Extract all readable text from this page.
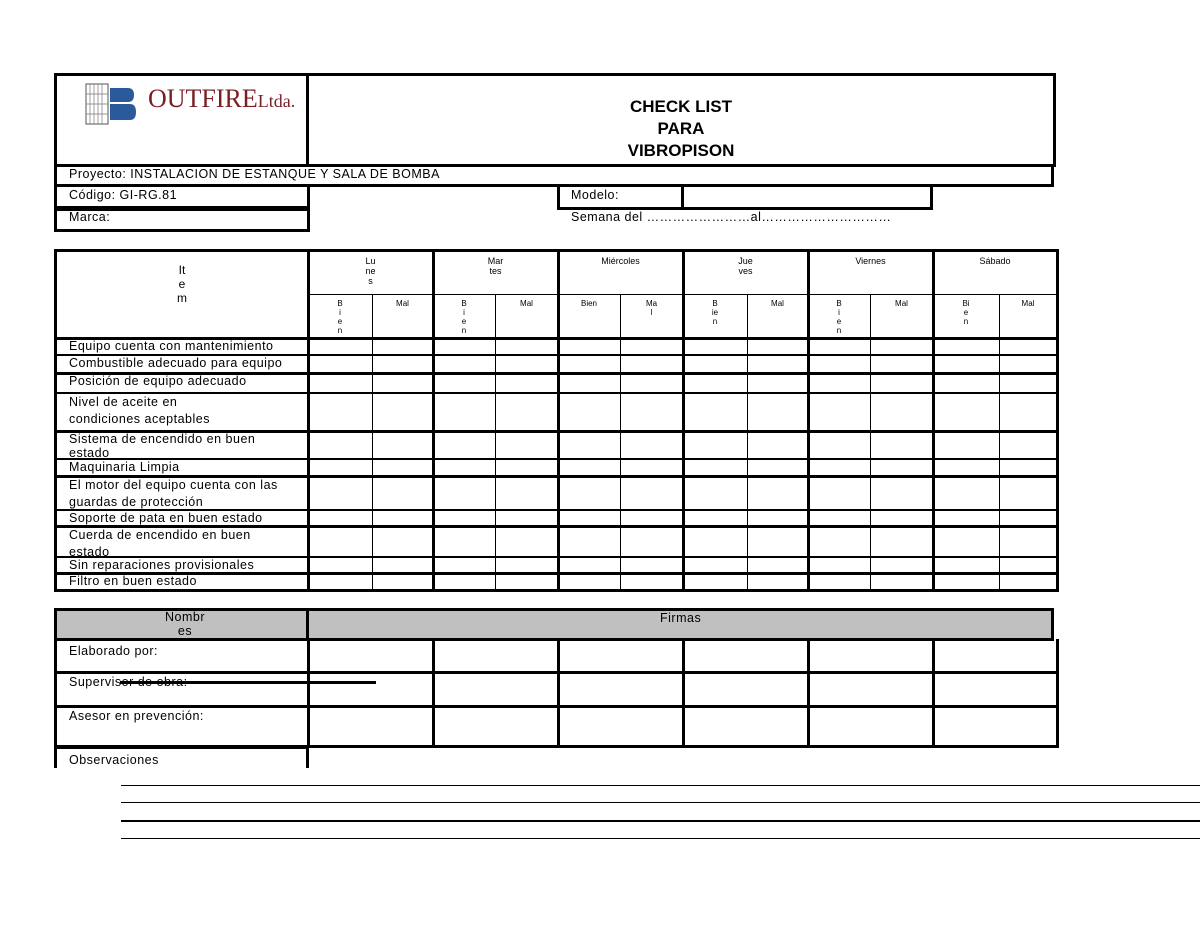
OUTFIRELtda.	CHECK LIST
PARA
VIBROPISON
Proyecto: INSTALACION DE ESTANQUE Y SALA DE BOMBA
Código: GI-RG.81
Marca:
Modelo:
Semana del ……………………al…………………………
Nombr
es
Firmas
Observaciones
It
e
m
Lu
ne
s
B
i
e
n
Mal
Mar
tes
B
i
e
n
Mal
Miércoles
Bien	Ma
l
Jue
ves
B
ie
n
Mal
Viernes
B
i
e
n
Mal
Sábado
Bi
e
n
Mal
Equipo cuenta con mantenimiento
Combustible adecuado para equipo
Posición de equipo adecuado
Nivel de aceite en
condiciones aceptables
Sistema de encendido en buen
estado
Maquinaria Limpia
El motor del equipo cuenta con las
guardas de protección
Soporte de pata en buen estado
Cuerda de encendido en buen
estado
Sin reparaciones provisionales
Filtro en buen estado
Elaborado por:
Supervisor de obra:
Asesor en prevención:
